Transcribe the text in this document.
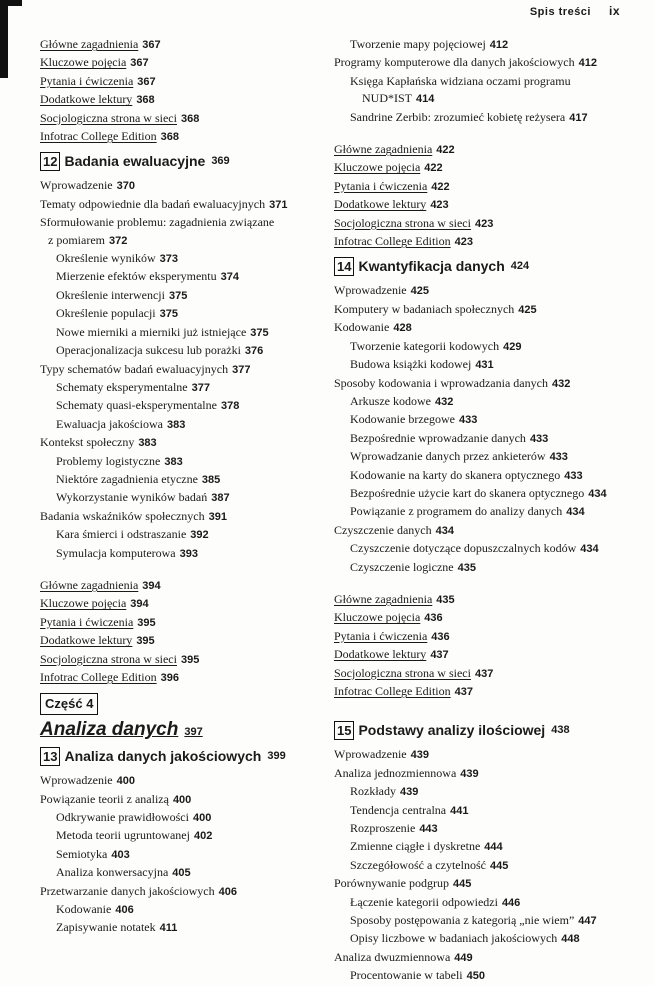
Spis treści ix
Główne zagadnienia 367
Kluczowe pojęcia 367
Pytania i ćwiczenia 367
Dodatkowe lektury 368
Socjologiczna strona w sieci 368
Infotrac College Edition 368
12 Badania ewaluacyjne 369
Wprowadzenie 370
Tematy odpowiednie dla badań ewaluacyjnych 371
Sformułowanie problemu: zagadnienia związane
z pomiarem 372
Określenie wyników 373
Mierzenie efektów eksperymentu 374
Określenie interwencji 375
Określenie populacji 375
Nowe mierniki a mierniki już istniejące 375
Operacjonalizacja sukcesu lub porażki 376
Typy schematów badań ewaluacyjnych 377
Schematy eksperymentalne 377
Schematy quasi-eksperymentalne 378
Ewaluacja jakościowa 383
Kontekst społeczny 383
Problemy logistyczne 383
Niektóre zagadnienia etyczne 385
Wykorzystanie wyników badań 387
Badania wskaźników społecznych 391
Kara śmierci i odstraszanie 392
Symulacja komputerowa 393
Główne zagadnienia 394
Kluczowe pojęcia 394
Pytania i ćwiczenia 395
Dodatkowe lektury 395
Socjologiczna strona w sieci 395
Infotrac College Edition 396
Część 4
Analiza danych 397
13 Analiza danych jakościowych 399
Wprowadzenie 400
Powiązanie teorii z analizą 400
Odkrywanie prawidłowości 400
Metoda teorii ugruntowanej 402
Semiotyka 403
Analiza konwersacyjna 405
Przetwarzanie danych jakościowych 406
Kodowanie 406
Zapisywanie notatek 411
Tworzenie mapy pojęciowej 412
Programy komputerowe dla danych jakościowych 412
Księga Kapłańska widziana oczami programu
NUD*IST 414
Sandrine Zerbib: zrozumieć kobietę reżysera 417
Główne zagadnienia 422
Kluczowe pojęcia 422
Pytania i ćwiczenia 422
Dodatkowe lektury 423
Socjologiczna strona w sieci 423
Infotrac College Edition 423
14 Kwantyfikacja danych 424
Wprowadzenie 425
Komputery w badaniach społecznych 425
Kodowanie 428
Tworzenie kategorii kodowych 429
Budowa książki kodowej 431
Sposoby kodowania i wprowadzania danych 432
Arkusze kodowe 432
Kodowanie brzegowe 433
Bezpośrednie wprowadzanie danych 433
Wprowadzanie danych przez ankieterów 433
Kodowanie na karty do skanera optycznego 433
Bezpośrednie użycie kart do skanera optycznego 434
Powiązanie z programem do analizy danych 434
Czyszczenie danych 434
Czyszczenie dotyczące dopuszczalnych kodów 434
Czyszczenie logiczne 435
Główne zagadnienia 435
Kluczowe pojęcia 436
Pytania i ćwiczenia 436
Dodatkowe lektury 437
Socjologiczna strona w sieci 437
Infotrac College Edition 437
15 Podstawy analizy ilościowej 438
Wprowadzenie 439
Analiza jednozmiennowa 439
Rozkłady 439
Tendencja centralna 441
Rozproszenie 443
Zmienne ciągłe i dyskretne 444
Szczegółowość a czytelność 445
Porównywanie podgrup 445
Łączenie kategorii odpowiedzi 446
Sposoby postępowania z kategorią „nie wiem” 447
Opisy liczbowe w badaniach jakościowych 448
Analiza dwuzmiennowa 449
Procentowanie w tabeli 450
